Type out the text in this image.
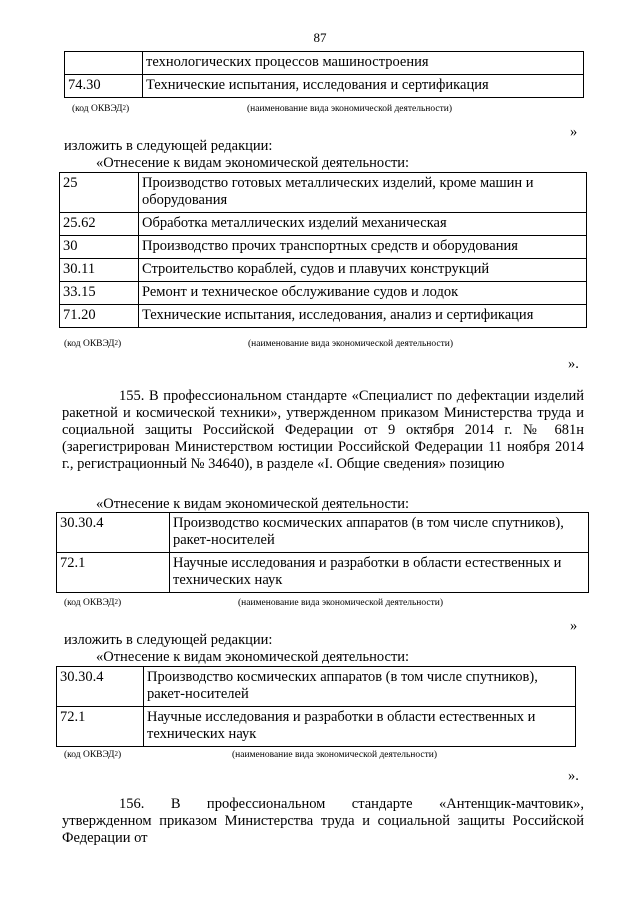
87
	технологических процессов машиностроения
74.30	Технические испытания, исследования и сертификация
(код ОКВЭД$^2$)	(наименование вида экономической деятельности)
»
изложить в следующей редакции:
«Отнесение к видам экономической деятельности:
25	Производство готовых металлических изделий, кроме машин и оборудования
25.62	Обработка металлических изделий механическая
30	Производство прочих транспортных средств и оборудования
30.11	Строительство кораблей, судов и плавучих конструкций
33.15	Ремонт и техническое обслуживание судов и лодок
71.20	Технические испытания, исследования, анализ и сертификация
(код ОКВЭД$^2$)	(наименование вида экономической деятельности)
».
155. В профессиональном стандарте «Специалист по дефектации изделий ракетной и космической техники», утвержденном приказом Министерства труда и социальной защиты Российской Федерации от 9 октября 2014 г. № 681н (зарегистрирован Министерством юстиции Российской Федерации 11 ноября 2014 г., регистрационный № 34640), в разделе «I. Общие сведения» позицию
«Отнесение к видам экономической деятельности:
30.30.4	Производство космических аппаратов (в том числе спутников), ракет-носителей
72.1	Научные исследования и разработки в области естественных и технических наук
(код ОКВЭД$^2$)	(наименование вида экономической деятельности)
»
изложить в следующей редакции:
«Отнесение к видам экономической деятельности:
30.30.4	Производство космических аппаратов (в том числе спутников), ракет-носителей
72.1	Научные исследования и разработки в области естественных и технических наук
(код ОКВЭД$^2$)	(наименование вида экономической деятельности)
».
156. В профессиональном стандарте «Антенщик-мачтовик», утвержденном приказом Министерства труда и социальной защиты Российской Федерации от
